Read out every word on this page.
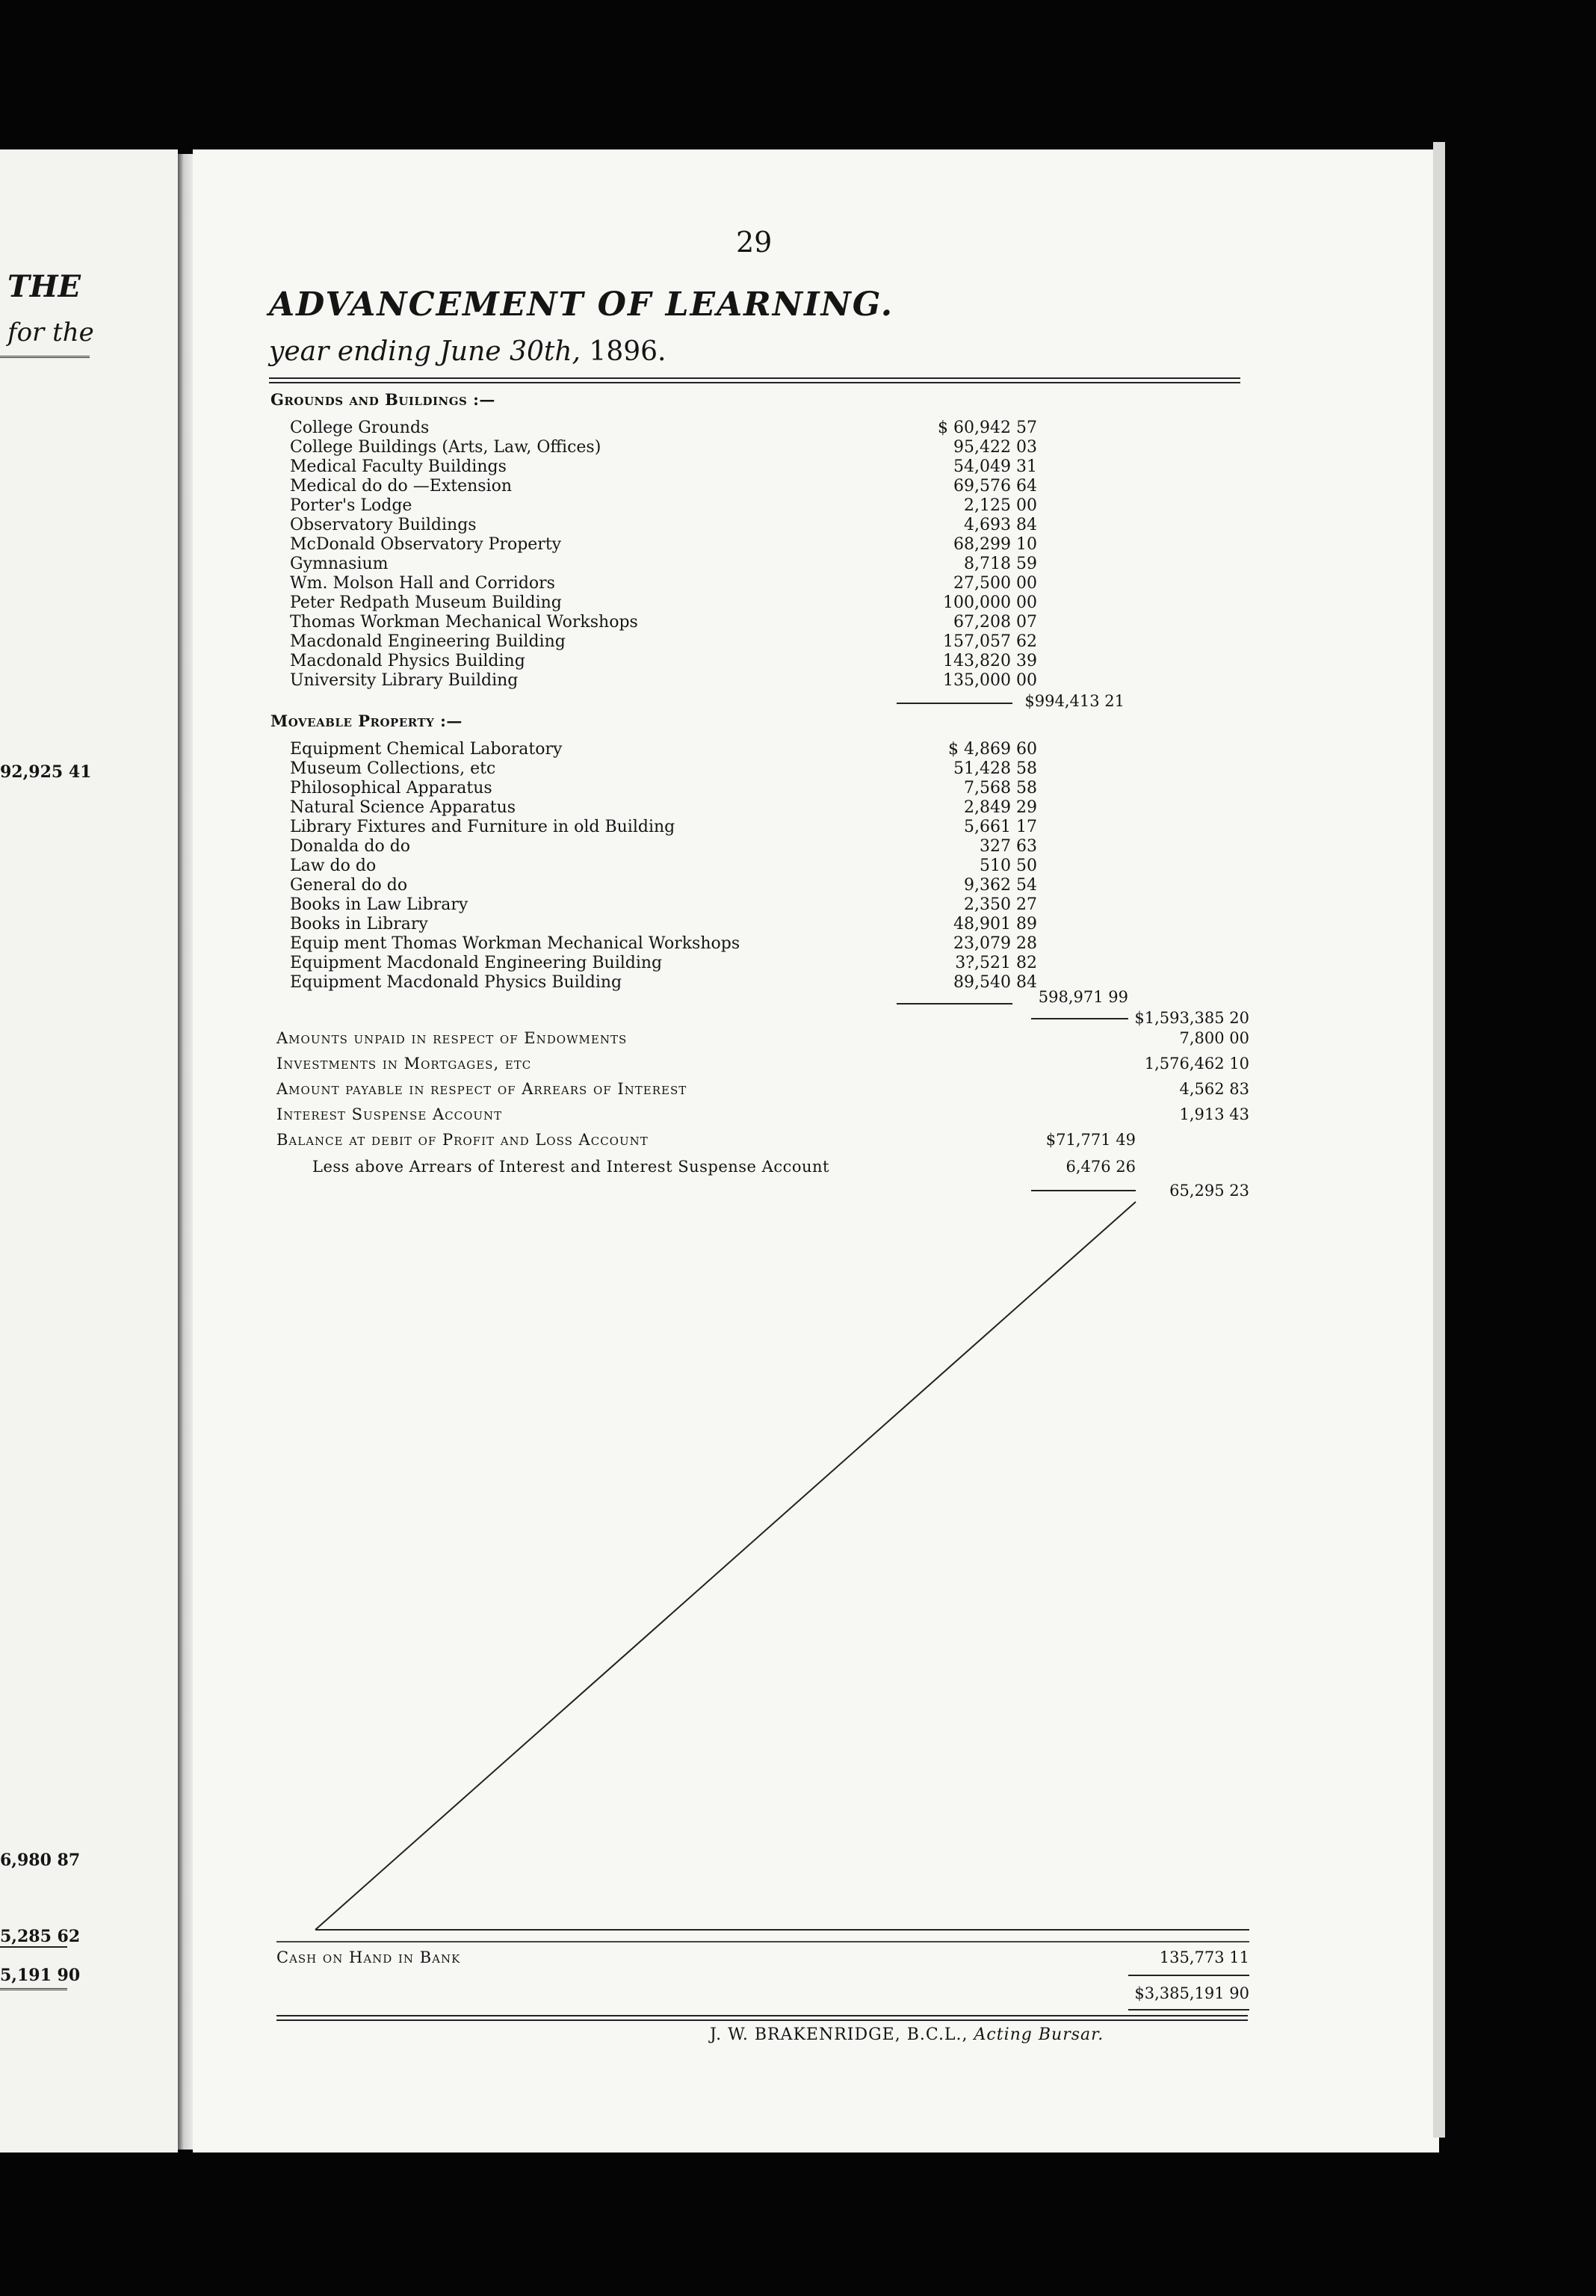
THE
for the
92,925 41
6,980 87
5,285 62
5,191 90
29
ADVANCEMENT OF LEARNING.
year ending June 30th, 1896.
Grounds and Buildings :—
College Grounds	$ 60,942 57
College Buildings (Arts, Law, Offices)	95,422 03
Medical Faculty Buildings	54,049 31
Medical do do —Extension	69,576 64
Porter's Lodge	2,125 00
Observatory Buildings	4,693 84
McDonald Observatory Property	68,299 10
Gymnasium	8,718 59
Wm. Molson Hall and Corridors	27,500 00
Peter Redpath Museum Building	100,000 00
Thomas Workman Mechanical Workshops	67,208 07
Macdonald Engineering Building	157,057 62
Macdonald Physics Building	143,820 39
University Library Building	135,000 00
$994,413 21
Moveable Property :—
Equipment Chemical Laboratory	$ 4,869 60
Museum Collections, etc	51,428 58
Philosophical Apparatus	7,568 58
Natural Science Apparatus	2,849 29
Library Fixtures and Furniture in old Building	5,661 17
Donalda do do	327 63
Law do do	510 50
General do do	9,362 54
Books in Law Library	2,350 27
Books in Library	48,901 89
Equip ment Thomas Workman Mechanical Workshops	23,079 28
Equipment Macdonald Engineering Building	3?,521 82
Equipment Macdonald Physics Building	89,540 84
598,971 99
$1,593,385 20
Amounts unpaid in respect of Endowments	7,800 00
Investments in Mortgages, etc	1,576,462 10
Amount payable in respect of Arrears of Interest	4,562 83
Interest Suspense Account	1,913 43
Balance at debit of Profit and Loss Account	$71,771 49
Less above Arrears of Interest and Interest Suspense Account	6,476 26
65,295 23
Cash on Hand in Bank	135,773 11
$3,385,191 90
J. W. BRAKENRIDGE, B.C.L., Acting Bursar.
